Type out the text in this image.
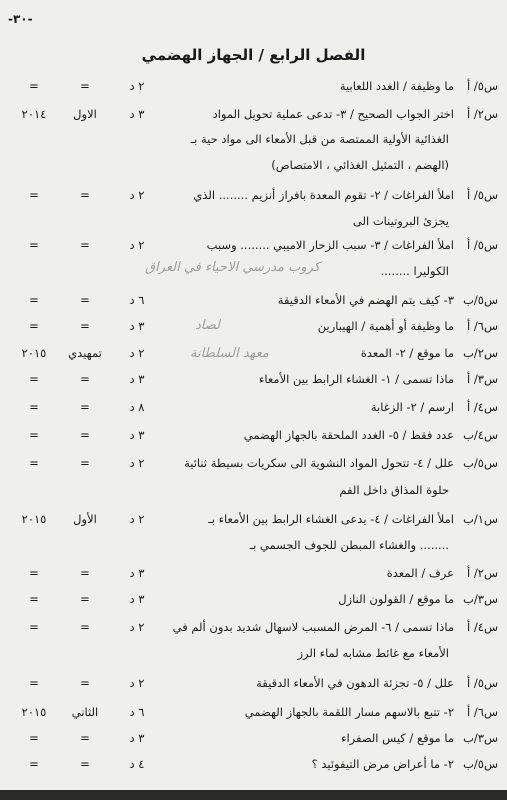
-٣٠-
الفصل الرابع / الجهاز الهضمي
س٥/ أ
ما وظيفة / الغدد اللعابية
٢ د
=
=
س٢/ أ
اختر الجواب الصحيح / ٣- تدعى عملية تحويل المواد
٣ د
الاول
٢٠١٤
الغذائية الأولية الممتصة من قبل الأمعاء الى مواد حية بـ
(الهضم ، التمثيل الغذائي ، الامتصاص)
س٥/ أ
املأ الفراغات / ٢- تقوم المعدة بافراز أنزيم ........ الذي
٢ د
=
=
يجزئ البروتينات الى
س٥/ أ
املأ الفراغات / ٣- سبب الزحار الاميبي ........ وسبب
٢ د
=
=
الكوليرا ........
كروب مدرسي الاحياء في العراق
س٥/ب
٣- كيف يتم الهضم في الأمعاء الدقيقة
٦ د
=
=
س٦/ أ
ما وظيفة أو أهمية / الهيبارين
٣ د
=
=	لصاد
س٢/ب
ما موقع / ٢- المعدة
٢ د
تمهيدي
٢٠١٥	معهد السلطانة
س٣/ أ
ماذا تسمى / ١- الغشاء الرابط بين الأمعاء
٣ د
=
=
س٤/ أ
ارسم / ٢- الزغابة
٨ د
=
=
س٤/ب
عدد فقط / ٥- الغدد الملحقة بالجهاز الهضمي
٣ د
=
=
س٥/ب
علل / ٤- تتحول المواد النشوية الى سكريات بسيطة ثنائية
٢ د
=
=
حلوة المذاق داخل الفم
س١/ب
املأ الفراغات / ٤- يدعى الغشاء الرابط بين الأمعاء بـ
٢ د
الأول
٢٠١٥
........ والغشاء المبطن للجوف الجسمي بـ
س٢/ أ
عرف / المعدة
٣ د
=
=
س٣/ب
ما موقع / القولون النازل
٣ د
=
=
س٤/ أ
ماذا تسمى / ٦- المرض المسبب لاسهال شديد بدون ألم في
٢ د
=
=
الأمعاء مع غائط مشابه لماء الرز
س٥/ أ
علل / ٥- تجزئة الدهون في الأمعاء الدقيقة
٢ د
=
=
س٦/ أ
٢- تتبع بالاسهم مسار اللقمة بالجهاز الهضمي
٦ د
الثاني
٢٠١٥
س٣/ب
ما موقع / كيس الصفراء
٣ د
=
=
س٥/ب
٢- ما أعراض مرض التيفوئيد ؟
٤ د
=
=
